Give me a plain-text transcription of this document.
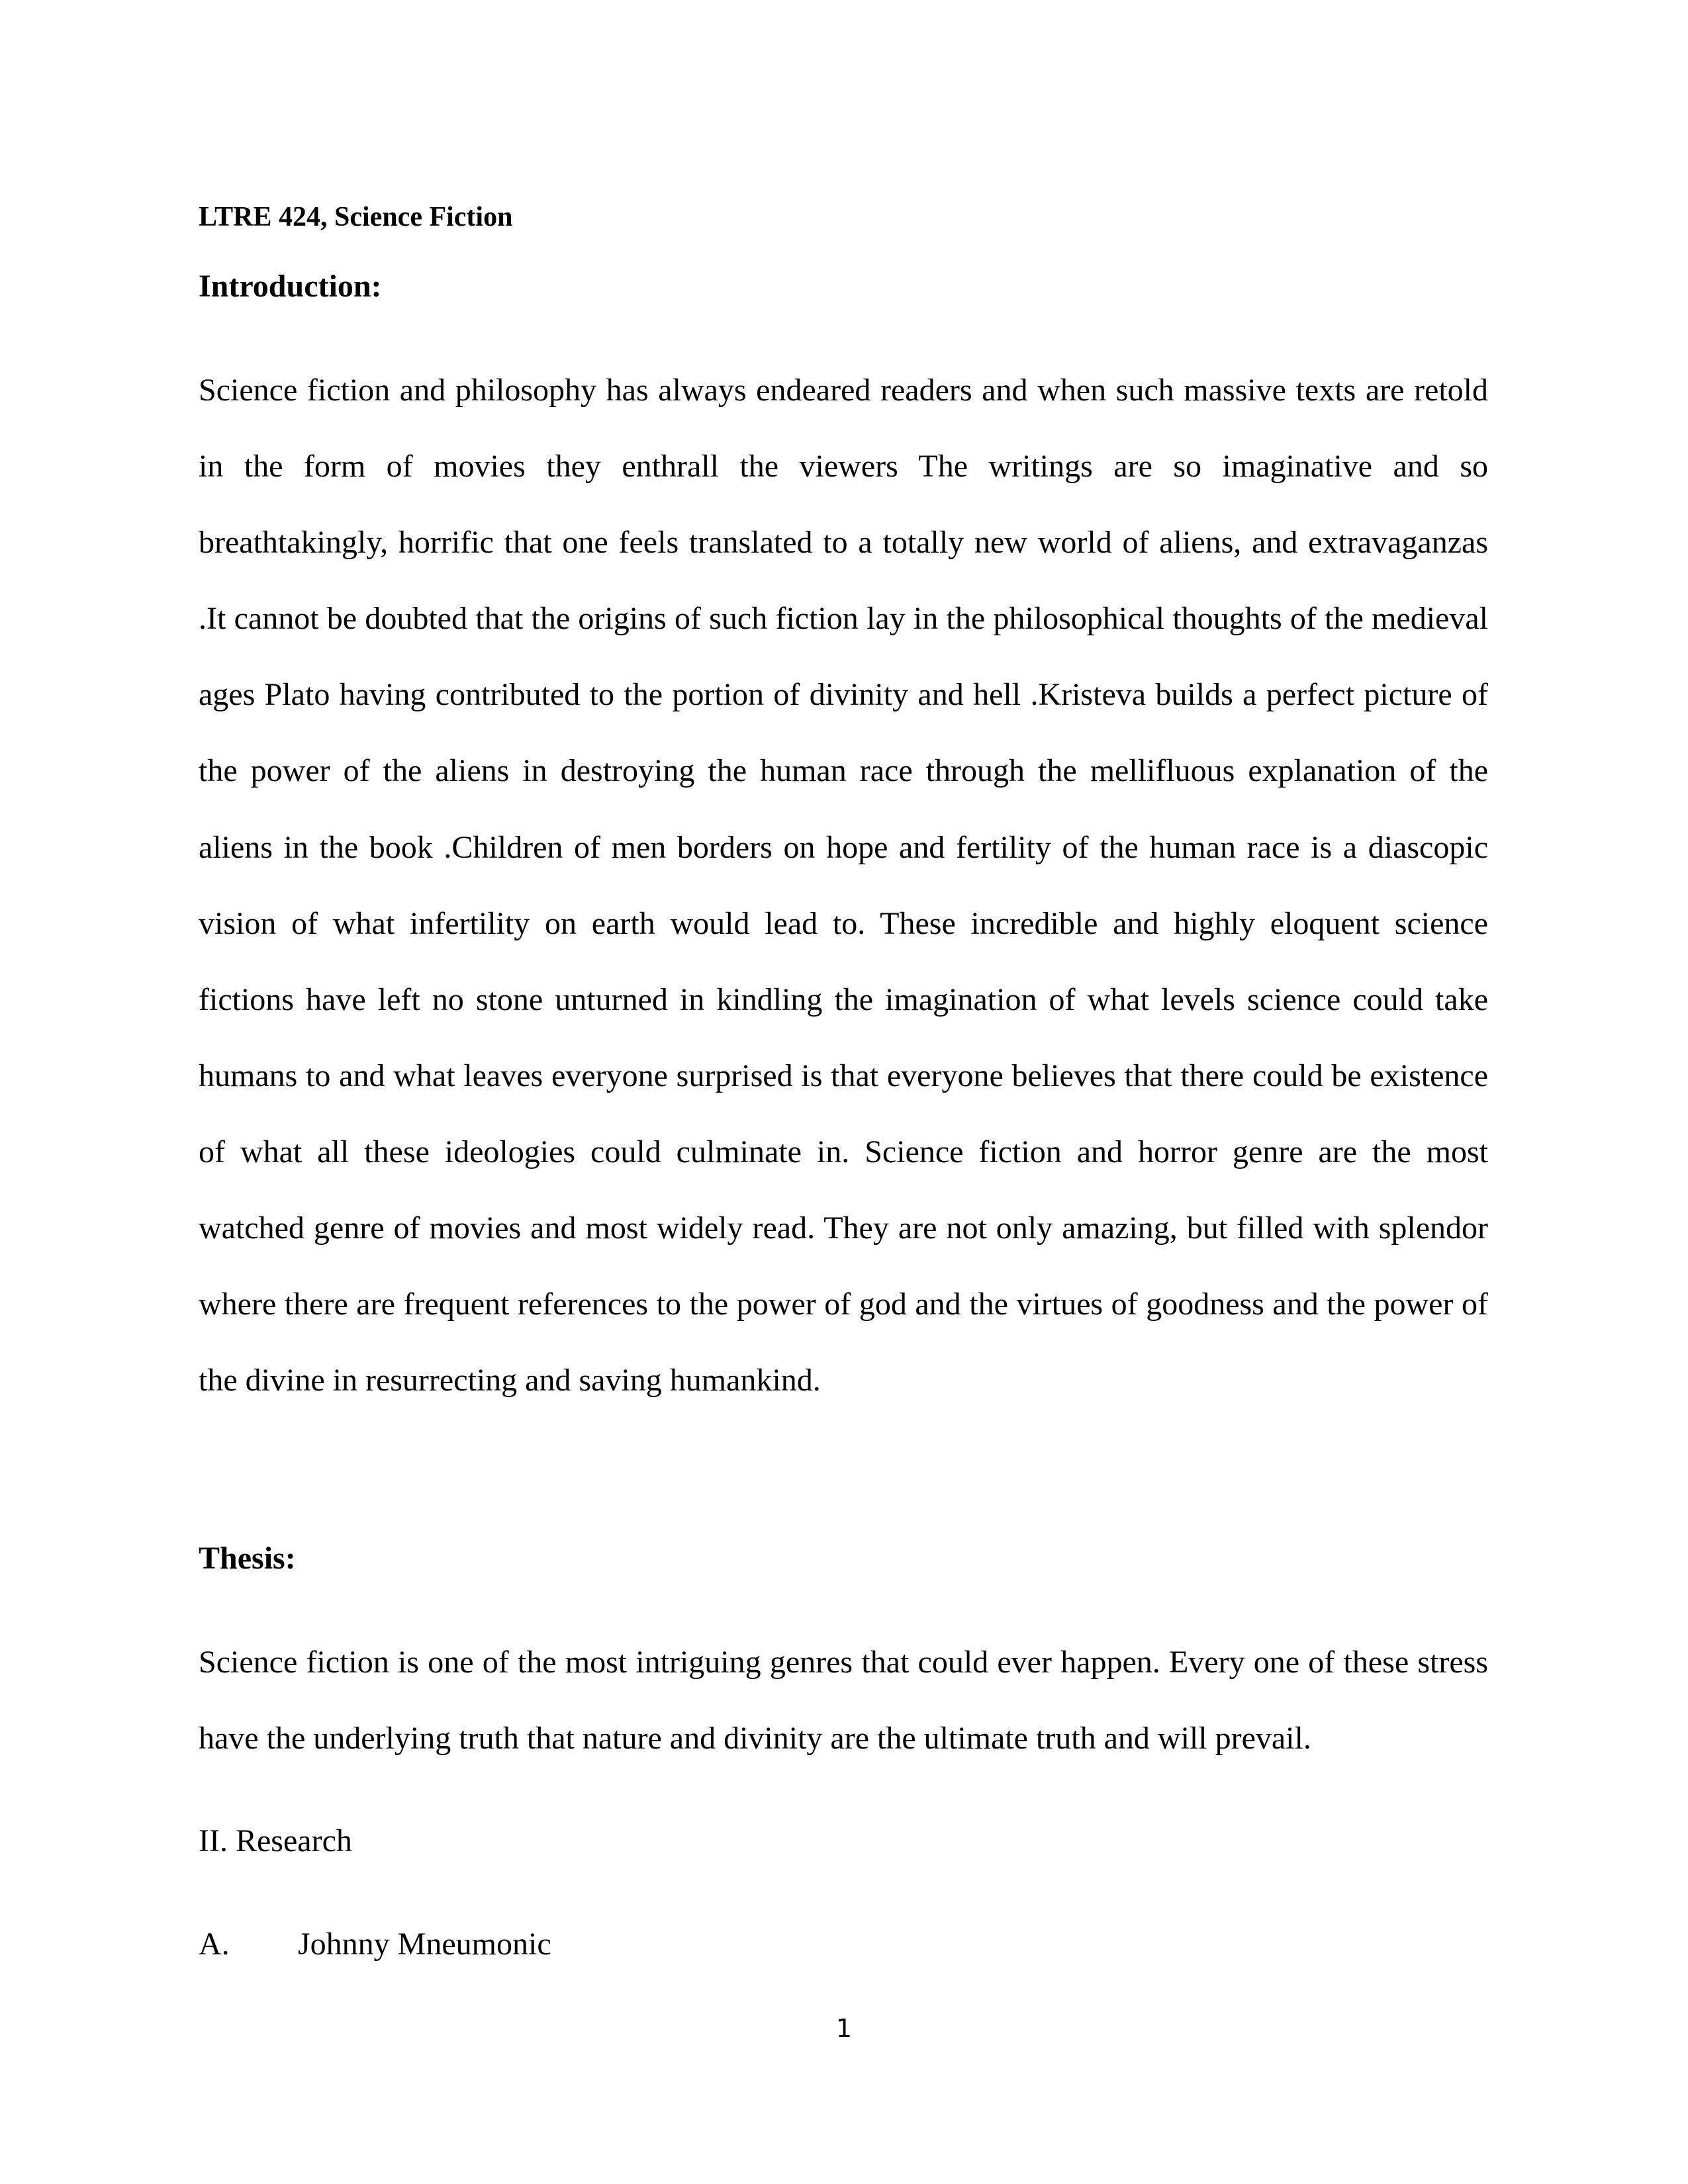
LTRE 424, Science Fiction
Introduction:
Science fiction and philosophy has always endeared readers and when such massive texts are retold in the form of movies they enthrall the viewers The writings are so imaginative and so breathtakingly, horrific that one feels translated to a totally new world of aliens, and extravaganzas .It cannot be doubted that the origins of such fiction lay in the philosophical thoughts of the medieval ages Plato having contributed to the portion of divinity and hell .Kristeva builds a perfect picture of the power of the aliens in destroying the human race through the mellifluous explanation of the aliens in the book .Children of men borders on hope and fertility of the human race is a diascopic vision of what infertility on earth would lead to. These incredible and highly eloquent science fictions have left no stone unturned in kindling the imagination of what levels science could take humans to and what leaves everyone surprised is that everyone believes that there could be existence of what all these ideologies could culminate in. Science fiction and horror genre are the most watched genre of movies and most widely read. They are not only amazing, but filled with splendor where there are frequent references to the power of god and the virtues of goodness and the power of the divine in resurrecting and saving humankind.
Thesis:
Science fiction is one of the most intriguing genres that could ever happen. Every one of these stress have the underlying truth that nature and divinity are the ultimate truth and will prevail.
II. Research
A. Johnny Mneumonic
1
